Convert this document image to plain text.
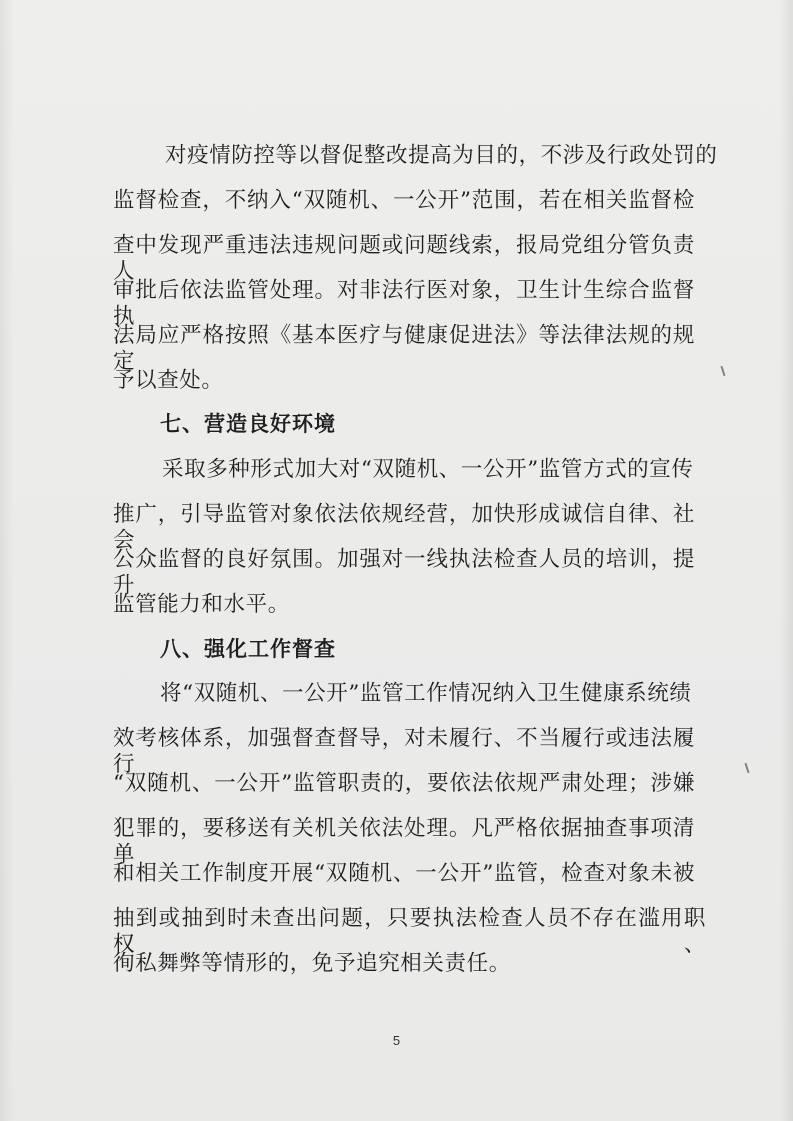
对疫情防控等以督促整改提高为目的，不涉及行政处罚的
监督检查，不纳入“双随机、一公开”范围，若在相关监督检
查中发现严重违法违规问题或问题线索，报局党组分管负责人
审批后依法监管处理。对非法行医对象，卫生计生综合监督执
法局应严格按照《基本医疗与健康促进法》等法律法规的规定
予以查处。
七、营造良好环境
采取多种形式加大对“双随机、一公开”监管方式的宣传
推广，引导监管对象依法依规经营，加快形成诚信自律、社会
公众监督的良好氛围。加强对一线执法检查人员的培训，提升
监管能力和水平。
八、强化工作督查
将“双随机、一公开”监管工作情况纳入卫生健康系统绩
效考核体系，加强督查督导，对未履行、不当履行或违法履行
“双随机、一公开”监管职责的，要依法依规严肃处理；涉嫌
犯罪的，要移送有关机关依法处理。凡严格依据抽查事项清单
和相关工作制度开展“双随机、一公开”监管，检查对象未被
抽到或抽到时未查出问题，只要执法检查人员不存在滥用职权、
徇私舞弊等情形的，免予追究相关责任。
5
